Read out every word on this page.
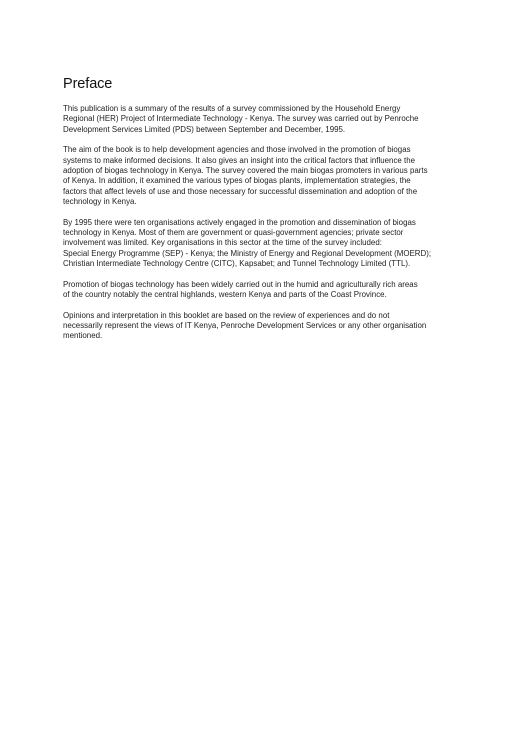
Preface

This publication is a summary of the results of a survey commissioned by the Household Energy
Regional (HER) Project of Intermediate Technology - Kenya. The survey was carried out by Penroche
Development Services Limited (PDS) between September and December, 1995.

The aim of the book is to help development agencies and those involved in the promotion of biogas
systems to make informed decisions. It also gives an insight into the critical factors that influence the
adoption of biogas technology in Kenya. The survey covered the main biogas promoters in various parts
of Kenya. In addition, it examined the various types of biogas plants, implementation strategies, the
factors that affect levels of use and those necessary for successful dissemination and adoption of the
technology in Kenya.

By 1995 there were ten organisations actively engaged in the promotion and dissemination of biogas
technology in Kenya. Most of them are government or quasi-government agencies; private sector
involvement was limited. Key organisations in this sector at the time of the survey included:
Special Energy Programme (SEP) - Kenya; the Ministry of Energy and Regional Development (MOERD);
Christian Intermediate Technology Centre (CITC), Kapsabet; and Tunnel Technology Limited (TTL).

Promotion of biogas technology has been widely carried out in the humid and agriculturally rich areas
of the country notably the central highlands, western Kenya and parts of the Coast Province.

Opinions and interpretation in this booklet are based on the review of experiences and do not
necessarily represent the views of IT Kenya, Penroche Development Services or any other organisation
mentioned.
